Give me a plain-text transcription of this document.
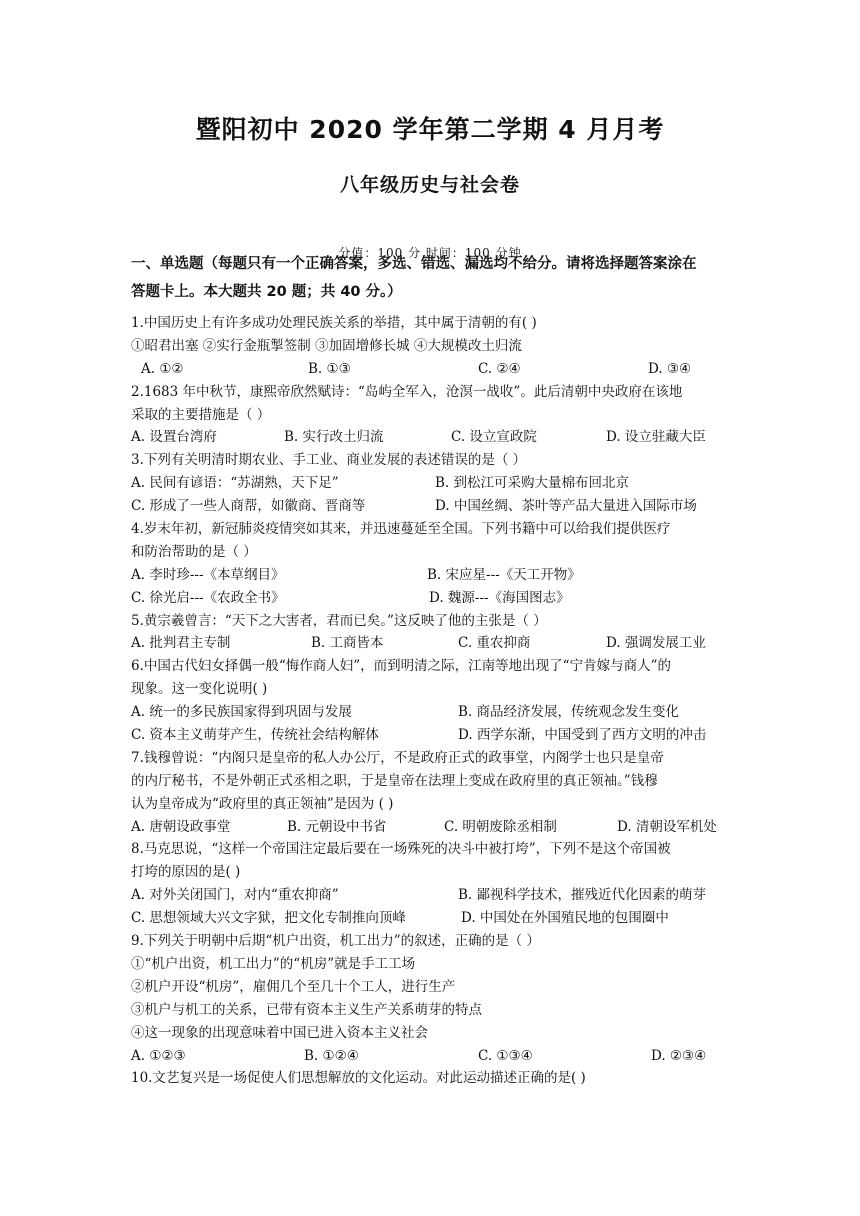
暨阳初中 2020 学年第二学期 4 月月考
八年级历史与社会卷
一、单选题（每题只有一个正确答案，多选、错选、漏选均不给分。请将选择题答案涂在
答题卡上。本大题共 20 题；共 40 分。）
分值：100 分 时间：100 分钟
1.中国历史上有许多成功处理民族关系的举措，其中属于清朝的有( )
①昭君出塞 ②实行金瓶掣签制 ③加固增修长城 ④大规模改土归流
A. ①②	B. ①③	C. ②④	D. ③④
2.1683 年中秋节，康熙帝欣然赋诗：“岛屿全军入，沧溟一战收”。此后清朝中央政府在该地
采取的主要措施是（ ）
A. 设置台湾府	B. 实行改土归流	C. 设立宣政院	D. 设立驻藏大臣
3.下列有关明清时期农业、手工业、商业发展的表述错误的是（ ）
A. 民间有谚语：“苏湖熟，天下足”	B. 到松江可采购大量棉布回北京
C. 形成了一些人商帮，如徽商、晋商等	D. 中国丝绸、茶叶等产品大量进入国际市场
4.岁末年初，新冠肺炎疫情突如其来，并迅速蔓延至全国。下列书籍中可以给我们提供医疗
和防治帮助的是（ ）
A. 李时珍---《本草纲目》	B. 宋应星---《天工开物》
C. 徐光启---《农政全书》	D. 魏源---《海国图志》
5.黄宗羲曾言：“天下之大害者，君而已矣。”这反映了他的主张是（ ）
A. 批判君主专制	B. 工商皆本	C. 重农抑商	D. 强调发展工业
6.中国古代妇女择偶一般“悔作商人妇”，而到明清之际，江南等地出现了“宁肯嫁与商人”的
现象。这一变化说明( )
A. 统一的多民族国家得到巩固与发展	B. 商品经济发展，传统观念发生变化
C. 资本主义萌芽产生，传统社会结构解体	D. 西学东渐，中国受到了西方文明的冲击
7.钱穆曾说：“内阁只是皇帝的私人办公厅，不是政府正式的政事堂，内阁学士也只是皇帝
的内厅秘书，不是外朝正式丞相之职，于是皇帝在法理上变成在政府里的真正领袖。”钱穆
认为皇帝成为“政府里的真正领袖”是因为 ( )
A. 唐朝设政事堂	B. 元朝设中书省	C. 明朝废除丞相制	D. 清朝设军机处
8.马克思说，“这样一个帝国注定最后要在一场殊死的决斗中被打垮”，下列不是这个帝国被
打垮的原因的是( )
A. 对外关闭国门，对内“重农抑商”	B. 鄙视科学技术，摧残近代化因素的萌芽
C. 思想领域大兴文字狱，把文化专制推向顶峰	D. 中国处在外国殖民地的包围圈中
9.下列关于明朝中后期“机户出资，机工出力”的叙述，正确的是（ ）
①“机户出资，机工出力”的“机房”就是手工工场
②机户开设“机房”，雇佣几个至几十个工人，进行生产
③机户与机工的关系，已带有资本主义生产关系萌芽的特点
④这一现象的出现意味着中国已进入资本主义社会
A. ①②③	B. ①②④	C. ①③④	D. ②③④
10.文艺复兴是一场促使人们思想解放的文化运动。对此运动描述正确的是( )
